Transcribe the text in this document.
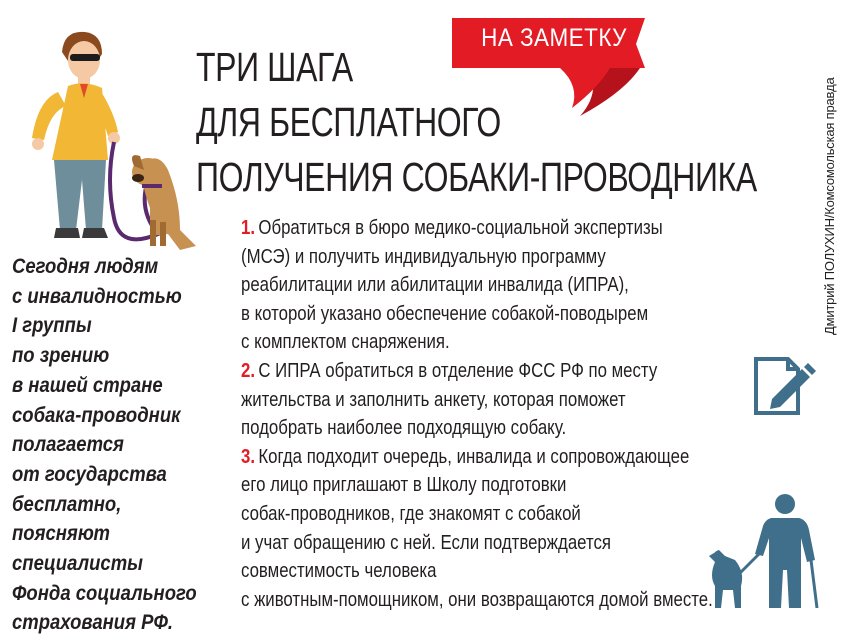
ТРИ ШАГА
ДЛЯ БЕСПЛАТНОГО
ПОЛУЧЕНИЯ СОБАКИ-ПРОВОДНИКА
НА ЗАМЕТКУ
Дмитрий ПОЛУХИН/Комсомольская правда
Сегодня людям
с инвалидностью
I группы
по зрению
в нашей стране
собака-проводник
полагается
от государства
бесплатно,
поясняют
специалисты
Фонда социального
страхования РФ.
1. Обратиться в бюро медико-социальной экспертизы
(МСЭ) и получить индивидуальную программу
реабилитации или абилитации инвалида (ИПРА),
в которой указано обеспечение собакой-поводырем
с комплектом снаряжения.
2. С ИПРА обратиться в отделение ФСС РФ по месту
жительства и заполнить анкету, которая поможет
подобрать наиболее подходящую собаку.
3. Когда подходит очередь, инвалида и сопровождающее
его лицо приглашают в Школу подготовки
собак-проводников, где знакомят с собакой
и учат обращению с ней. Если подтверждается
совместимость человека
с животным-помощником, они возвращаются домой вместе.
